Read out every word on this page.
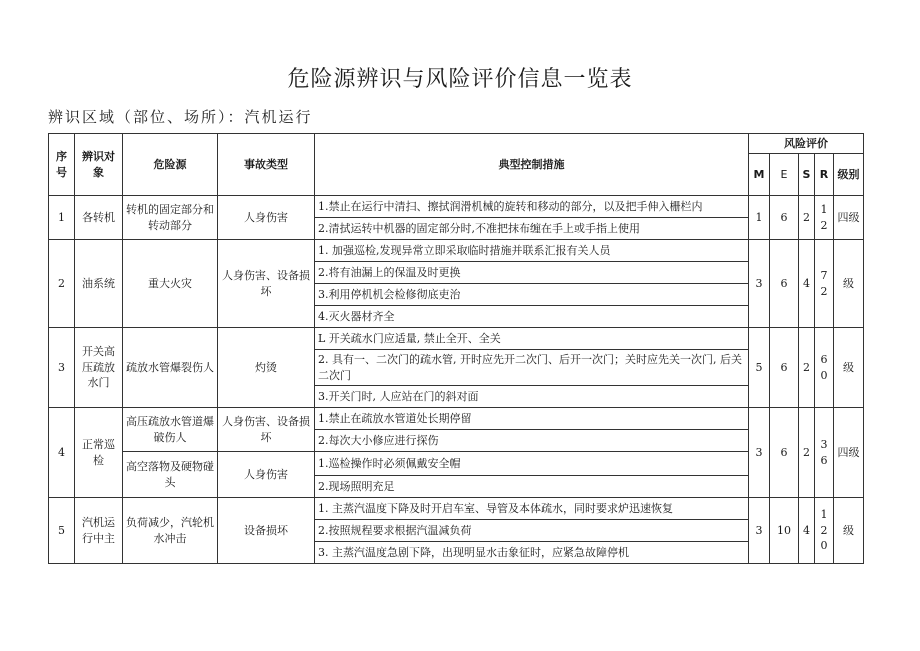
危险源辨识与风险评价信息一览表
辨识区域（部位、场所）：汽机运行
序号	辨识对象	危险源	事故类型	典型控制措施	风险评价				
					M	E	S	R	级别
1	各转机	转机的固定部分和转动部分	人身伤害	1.禁止在运行中清扫、擦拭润滑机械的旋转和移动的部分，以及把手伸入栅栏内	1	6	2	12	四级
				2.清拭运转中机器的固定部分时,不准把抹布缠在手上或手指上使用					
2	油系统	重大火灾	人身伤害、设备损坏	1. 加强巡检,发现异常立即采取临时措施并联系汇报有关人员	3	6	4	72	级
				2.将有油漏上的保温及时更换					
				3.利用停机机会检修彻底吏治					
				4.灭火器材齐全					
3	开关高压疏放水门	疏放水管爆裂伤人	灼烫	L 开关疏水门应适量, 禁止全开、全关	5	6	2	60	级
				2. 具有一、二次门的疏水管, 开时应先开二次门、后开一次门；关时应先关一次门, 后关二次门					
				3.开关门时, 人应站在门的斜对面					
4	正常巡检	高压疏放水管道爆破伤人	人身伤害、设备损坏	1.禁止在疏放水管道处长期停留	3	6	2	36	四级
				2.每次大小修应进行探伤					
		高空落物及硬物碰头	人身伤害	1.巡检操作时必须佩戴安全帽					
				2.现场照明充足					
5	汽机运行中主	负荷减少，汽轮机水冲击	设备损坏	1. 主蒸汽温度下降及时开启车室、导管及本体疏水，同时要求炉迅速恢复	3	10	4	120	级
				2.按照规程要求根据汽温减负荷					
				3. 主蒸汽温度急剧下降，出现明显水击象征时，应紧急故障停机					
